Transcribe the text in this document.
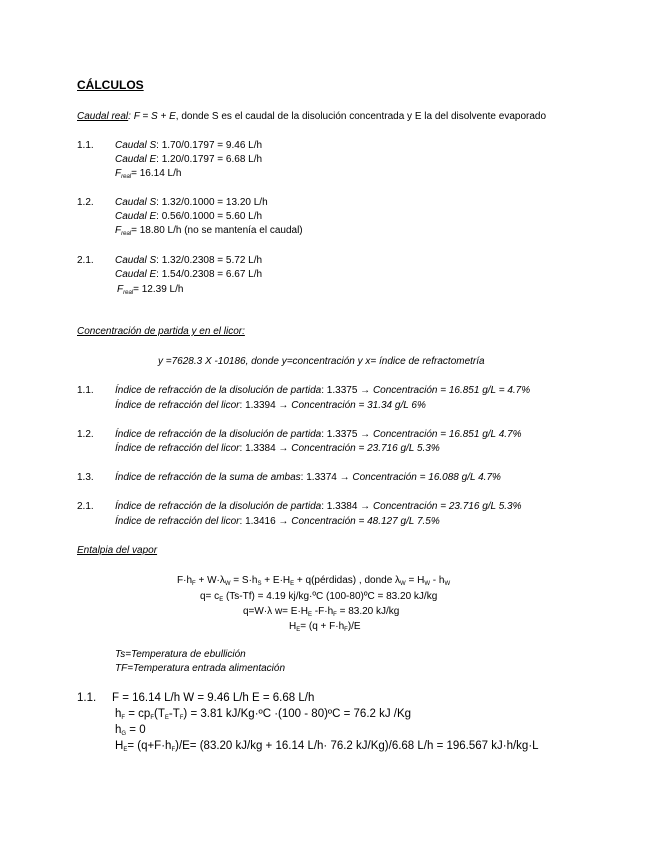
CÁLCULOS
Caudal real: F = S + E, donde S es el caudal de la disolución concentrada y E la del disolvente evaporado
1.1. Caudal S: 1.70/0.1797 = 9.46 L/h
Caudal E: 1.20/0.1797 = 6.68 L/h
$F_{real}= 16.14$ L/h
1.2. Caudal S: 1.32/0.1000 = 13.20 L/h
Caudal E: 0.56/0.1000 = 5.60 L/h
$F_{real}= 18.80$ L/h (no se mantenía el caudal)
2.1. Caudal S: 1.32/0.2308 = 5.72 L/h
Caudal E: 1.54/0.2308 = 6.67 L/h
$F_{real}= 12.39$ L/h
Concentración de partida y en el licor:
y =7628.3 X -10186, donde y=concentración y x= índice de refractometría
1.1. Índice de refracción de la disolución de partida: 1.3375 → Concentración = 16.851 g/L = 4.7%
Índice de refracción del licor: 1.3394 → Concentración = 31.34 g/L 6%
1.2. Índice de refracción de la disolución de partida: 1.3375 → Concentración = 16.851 g/L 4.7%
Índice de refracción del licor: 1.3384 → Concentración = 23.716 g/L 5.3%
1.3. Índice de refracción de la suma de ambas: 1.3374 → Concentración = 16.088 g/L 4.7%
2.1. Índice de refracción de la disolución de partida: 1.3384 → Concentración = 23.716 g/L 5.3%
Índice de refracción del licor: 1.3416 → Concentración = 48.127 g/L 7.5%
Entalpia del vapor
$F\cdot h_F + W\cdot\lambda_W = S\cdot h_S + E\cdot H_E$ + q(pérdidas) , donde $\lambda_W = H_W - h_W$
$q= c_E$ (Ts-Tf) = 4.19 kj/kg·ºC (100-80)ºC = 83.20 kJ/kg
q=W·λ $w= E\cdot H_E$ $-F\cdot h_F = 83.20$ kJ/kg
$H_E= (q + F\cdot h_F)/E$
Ts=Temperatura de ebullición
TF=Temperatura entrada alimentación
1.1. F = 16.14 L/h W = 9.46 L/h E = 6.68 L/h
$h_F = cp_F(T_E-T_F) = 3.81$ kJ/Kg·ºC ·(100 - 80)ºC = 76.2 kJ /Kg
$h_G = 0$
$H_E= (q+F\cdot h_F)/E= (83.20$ kJ/kg + 16.14 L/h· 76.2 kJ/Kg)/6.68 L/h = 196.567 kJ·h/kg·L
